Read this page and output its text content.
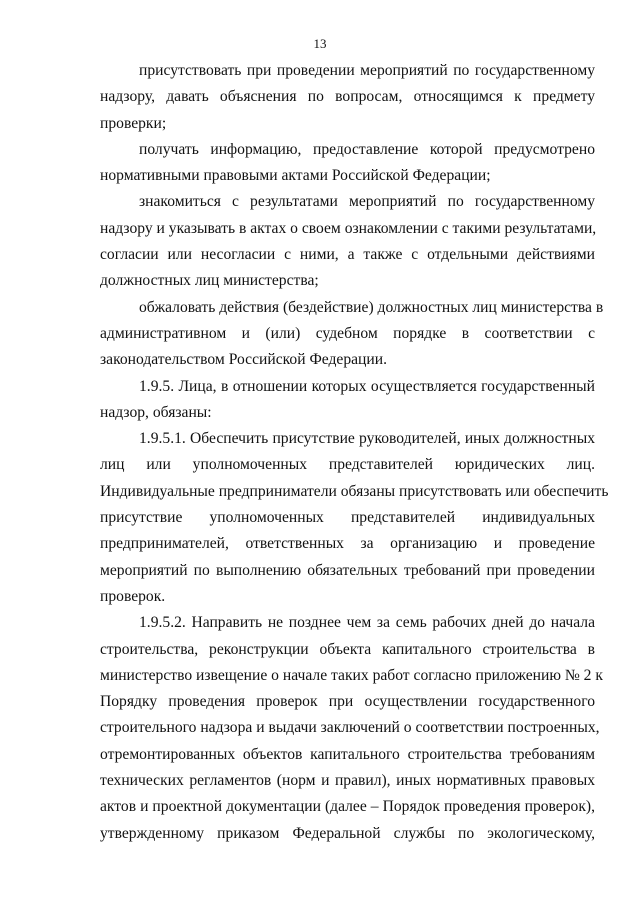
13

присутствовать при проведении мероприятий по государственному
надзору, давать объяснения по вопросам, относящимся к предмету
проверки;
получать информацию, предоставление которой предусмотрено
нормативными правовыми актами Российской Федерации;
знакомиться с результатами мероприятий по государственному
надзору и указывать в актах о своем ознакомлении с такими результатами,
согласии или несогласии с ними, а также с отдельными действиями
должностных лиц министерства;
обжаловать действия (бездействие) должностных лиц министерства в
административном и (или) судебном порядке в соответствии с
законодательством Российской Федерации.
1.9.5. Лица, в отношении которых осуществляется государственный
надзор, обязаны:
1.9.5.1. Обеспечить присутствие руководителей, иных должностных
лиц или уполномоченных представителей юридических лиц.
Индивидуальные предприниматели обязаны присутствовать или обеспечить
присутствие уполномоченных представителей индивидуальных
предпринимателей, ответственных за организацию и проведение
мероприятий по выполнению обязательных требований при проведении
проверок.
1.9.5.2. Направить не позднее чем за семь рабочих дней до начала
строительства, реконструкции объекта капитального строительства в
министерство извещение о начале таких работ согласно приложению № 2 к
Порядку проведения проверок при осуществлении государственного
строительного надзора и выдачи заключений о соответствии построенных,
отремонтированных объектов капитального строительства требованиям
технических регламентов (норм и правил), иных нормативных правовых
актов и проектной документации (далее – Порядок проведения проверок),
утвержденному приказом Федеральной службы по экологическому,
